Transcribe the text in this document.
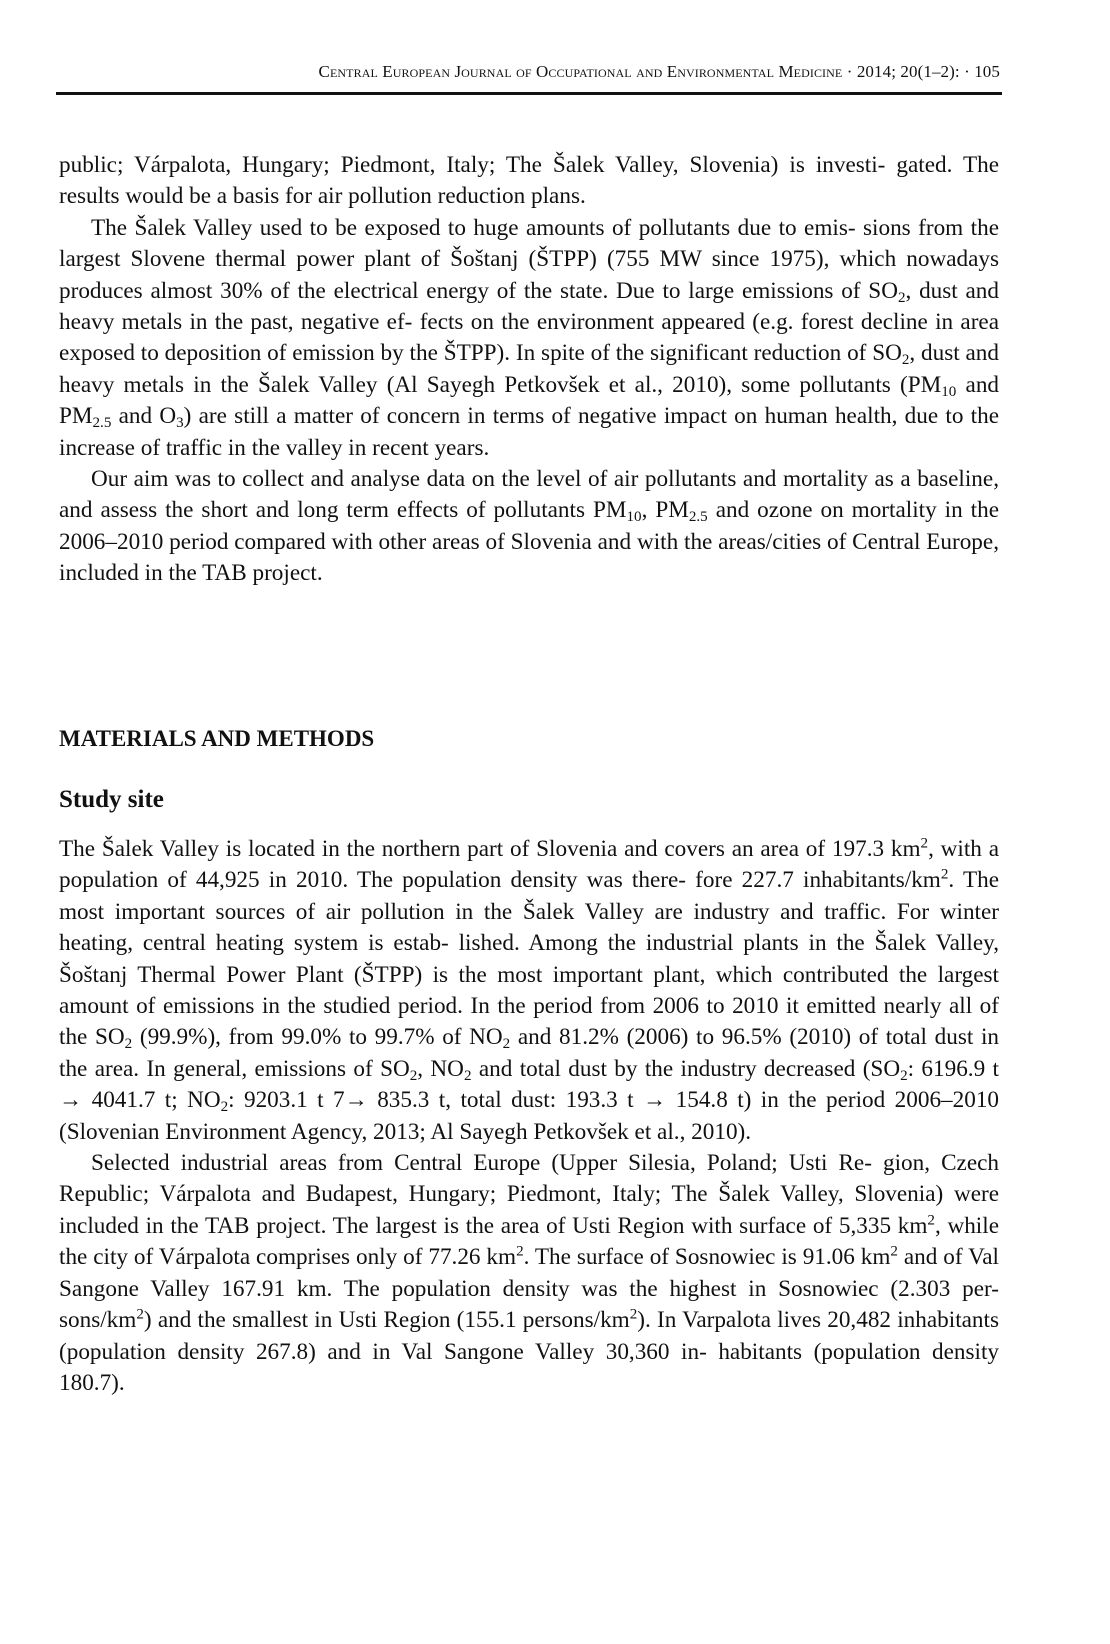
Central European Journal of Occupational and Environmental Medicine · 2014; 20(1–2): · 105

public; Várpalota, Hungary; Piedmont, Italy; The Šalek Valley, Slovenia) is investi- gated. The results would be a basis for air pollution reduction plans.

The Šalek Valley used to be exposed to huge amounts of pollutants due to emis- sions from the largest Slovene thermal power plant of Šoštanj (ŠTPP) (755 MW since 1975), which nowadays produces almost 30% of the electrical energy of the state. Due to large emissions of $SO_2$, dust and heavy metals in the past, negative ef- fects on the environment appeared (e.g. forest decline in area exposed to deposition of emission by the ŠTPP). In spite of the significant reduction of $SO_2$, dust and heavy metals in the Šalek Valley (Al Sayegh Petkovšek et al., 2010), some pollutants ($PM_{10}$ and $PM_{2.5}$ and $O_3$) are still a matter of concern in terms of negative impact on human health, due to the increase of traffic in the valley in recent years.

Our aim was to collect and analyse data on the level of air pollutants and mortality as a baseline, and assess the short and long term effects of pollutants $PM_{10}$, $PM_{2.5}$ and ozone on mortality in the 2006–2010 period compared with other areas of Slovenia and with the areas/cities of Central Europe, included in the TAB project.

MATERIALS AND METHODS
Study site

The Šalek Valley is located in the northern part of Slovenia and covers an area of 197.3 $km^2$, with a population of 44,925 in 2010. The population density was there- fore 227.7 inhabitants/$km^2$. The most important sources of air pollution in the Šalek Valley are industry and traffic. For winter heating, central heating system is estab- lished. Among the industrial plants in the Šalek Valley, Šoštanj Thermal Power Plant (ŠTPP) is the most important plant, which contributed the largest amount of emissions in the studied period. In the period from 2006 to 2010 it emitted nearly all of the $SO_2$ (99.9%), from 99.0% to 99.7% of $NO_2$ and 81.2% (2006) to 96.5% (2010) of total dust in the area. In general, emissions of $SO_2$, $NO_2$ and total dust by the industry decreased ($SO_2$: 6196.9 t → 4041.7 t; $NO_2$: 9203.1 t 7→ 835.3 t, total dust: 193.3 t → 154.8 t) in the period 2006–2010 (Slovenian Environment Agency, 2013; Al Sayegh Petkovšek et al., 2010).

Selected industrial areas from Central Europe (Upper Silesia, Poland; Usti Re- gion, Czech Republic; Várpalota and Budapest, Hungary; Piedmont, Italy; The Šalek Valley, Slovenia) were included in the TAB project. The largest is the area of Usti Region with surface of 5,335 $km^2$, while the city of Várpalota comprises only of 77.26 $km^2$. The surface of Sosnowiec is 91.06 $km^2$ and of Val Sangone Valley 167.91 km. The population density was the highest in Sosnowiec (2.303 per- sons/$km^2$) and the smallest in Usti Region (155.1 persons/$km^2$). In Varpalota lives 20,482 inhabitants (population density 267.8) and in Val Sangone Valley 30,360 in- habitants (population density 180.7).
